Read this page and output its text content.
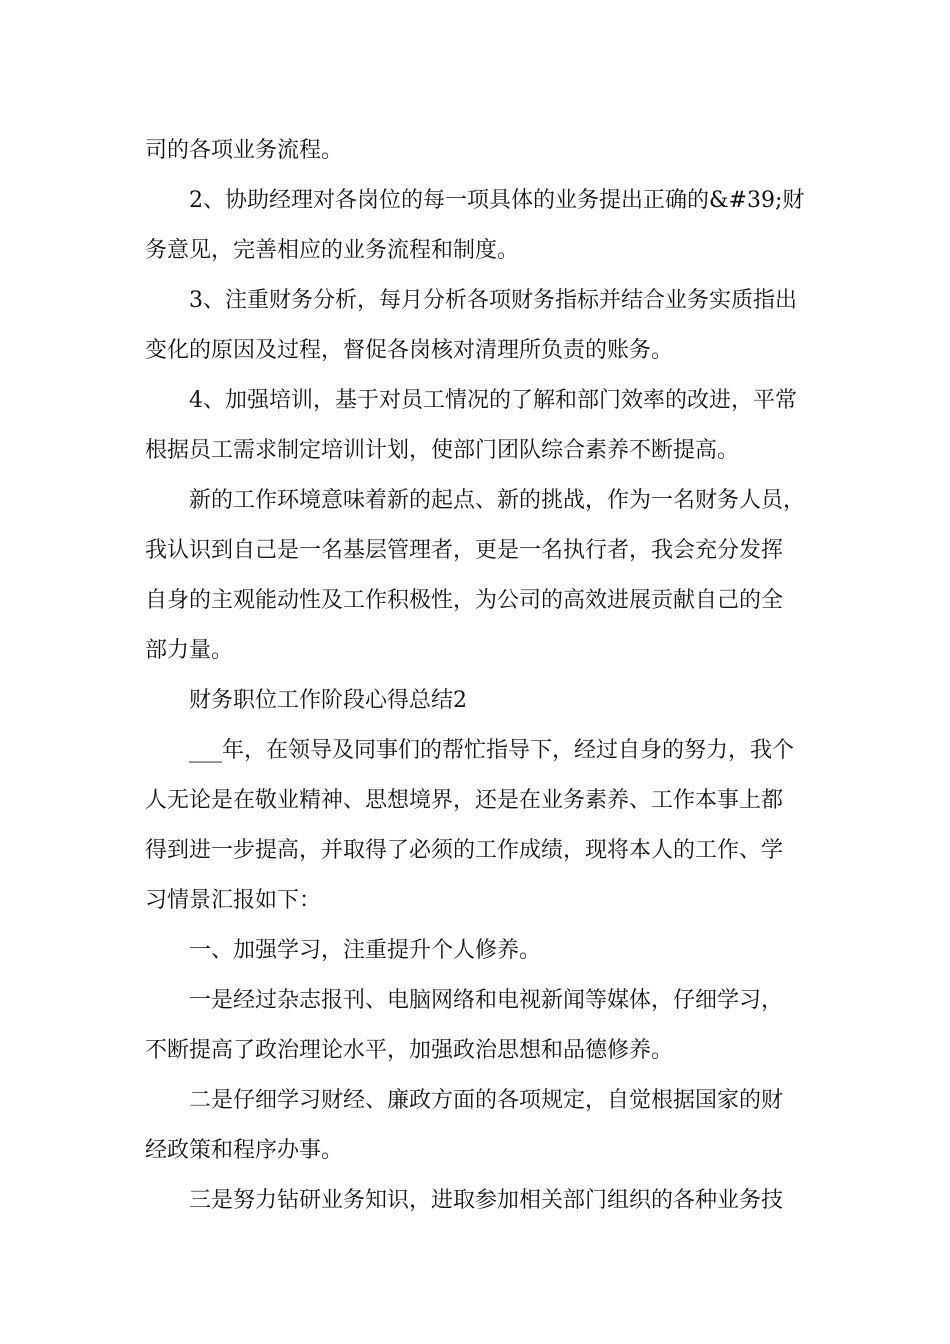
司的各项业务流程。

2、协助经理对各岗位的每一项具体的业务提出正确的&#39;财

务意见，完善相应的业务流程和制度。

3、注重财务分析，每月分析各项财务指标并结合业务实质指出

变化的原因及过程，督促各岗核对清理所负责的账务。

4、加强培训，基于对员工情况的了解和部门效率的改进，平常

根据员工需求制定培训计划，使部门团队综合素养不断提高。

新的工作环境意味着新的起点、新的挑战，作为一名财务人员，

我认识到自己是一名基层管理者，更是一名执行者，我会充分发挥

自身的主观能动性及工作积极性，为公司的高效进展贡献自己的全

部力量。

财务职位工作阶段心得总结2

___年，在领导及同事们的帮忙指导下，经过自身的努力，我个

人无论是在敬业精神、思想境界，还是在业务素养、工作本事上都

得到进一步提高，并取得了必须的工作成绩，现将本人的工作、学

习情景汇报如下：

一、加强学习，注重提升个人修养。

一是经过杂志报刊、电脑网络和电视新闻等媒体，仔细学习，

不断提高了政治理论水平，加强政治思想和品德修养。

二是仔细学习财经、廉政方面的各项规定，自觉根据国家的财

经政策和程序办事。

三是努力钻研业务知识，进取参加相关部门组织的各种业务技
